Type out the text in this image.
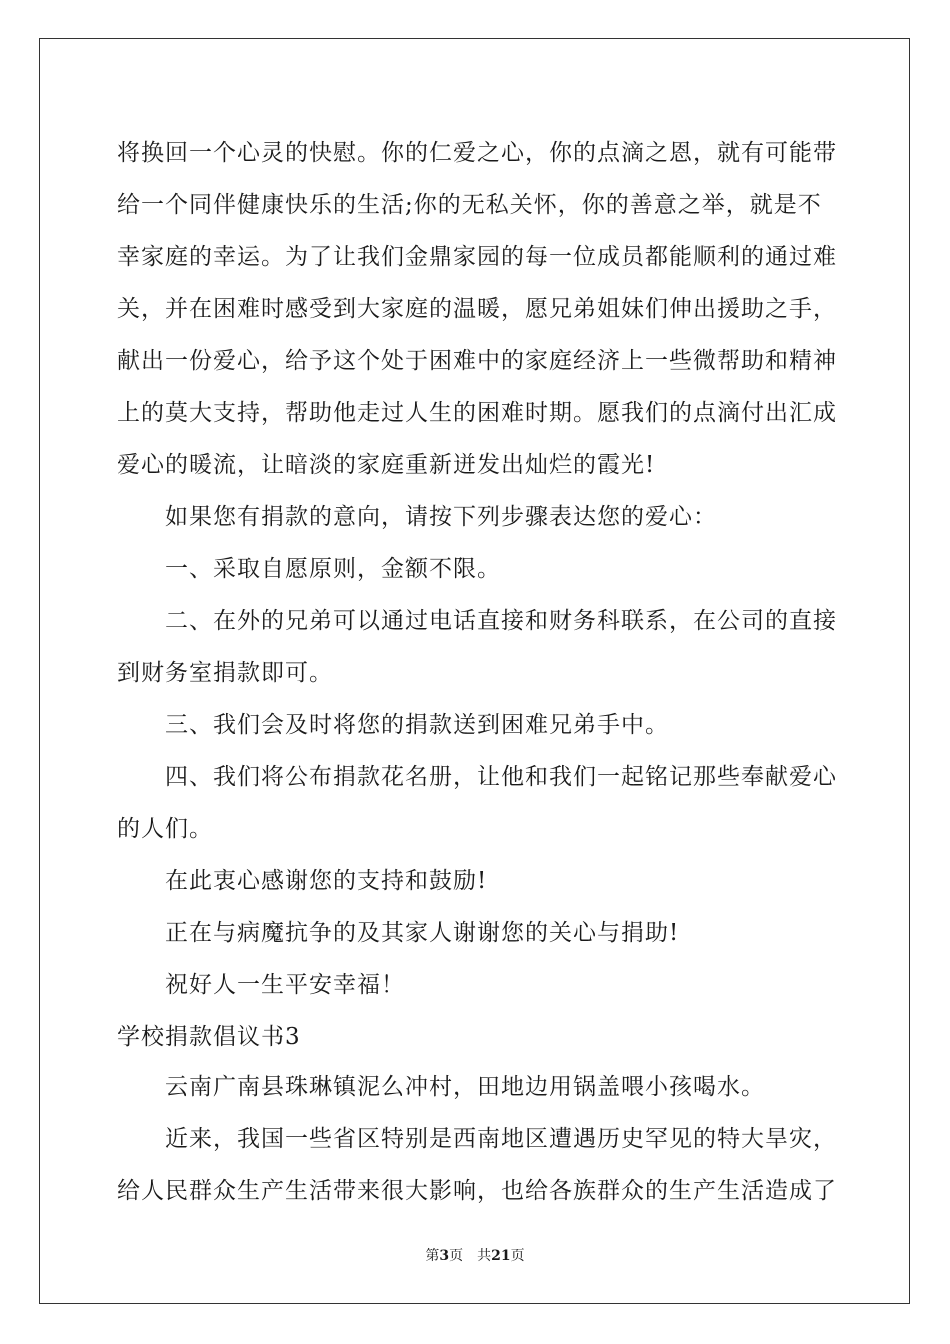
将换回一个心灵的快慰。你的仁爱之心，你的点滴之恩，就有可能带

给一个同伴健康快乐的生活;你的无私关怀，你的善意之举，就是不

幸家庭的幸运。为了让我们金鼎家园的每一位成员都能顺利的通过难

关，并在困难时感受到大家庭的温暖，愿兄弟姐妹们伸出援助之手，

献出一份爱心，给予这个处于困难中的家庭经济上一些微帮助和精神

上的莫大支持，帮助他走过人生的困难时期。愿我们的点滴付出汇成

爱心的暖流，让暗淡的家庭重新迸发出灿烂的霞光!

如果您有捐款的意向，请按下列步骤表达您的爱心：

一、采取自愿原则，金额不限。

二、在外的兄弟可以通过电话直接和财务科联系，在公司的直接

到财务室捐款即可。

三、我们会及时将您的捐款送到困难兄弟手中。

四、我们将公布捐款花名册，让他和我们一起铭记那些奉献爱心

的人们。

在此衷心感谢您的支持和鼓励!

正在与病魔抗争的及其家人谢谢您的关心与捐助!

祝好人一生平安幸福！

学校捐款倡议书3

云南广南县珠琳镇泥么冲村，田地边用锅盖喂小孩喝水。

近来，我国一些省区特别是西南地区遭遇历史罕见的特大旱灾，

给人民群众生产生活带来很大影响，也给各族群众的生产生活造成了

第3页 共21页
